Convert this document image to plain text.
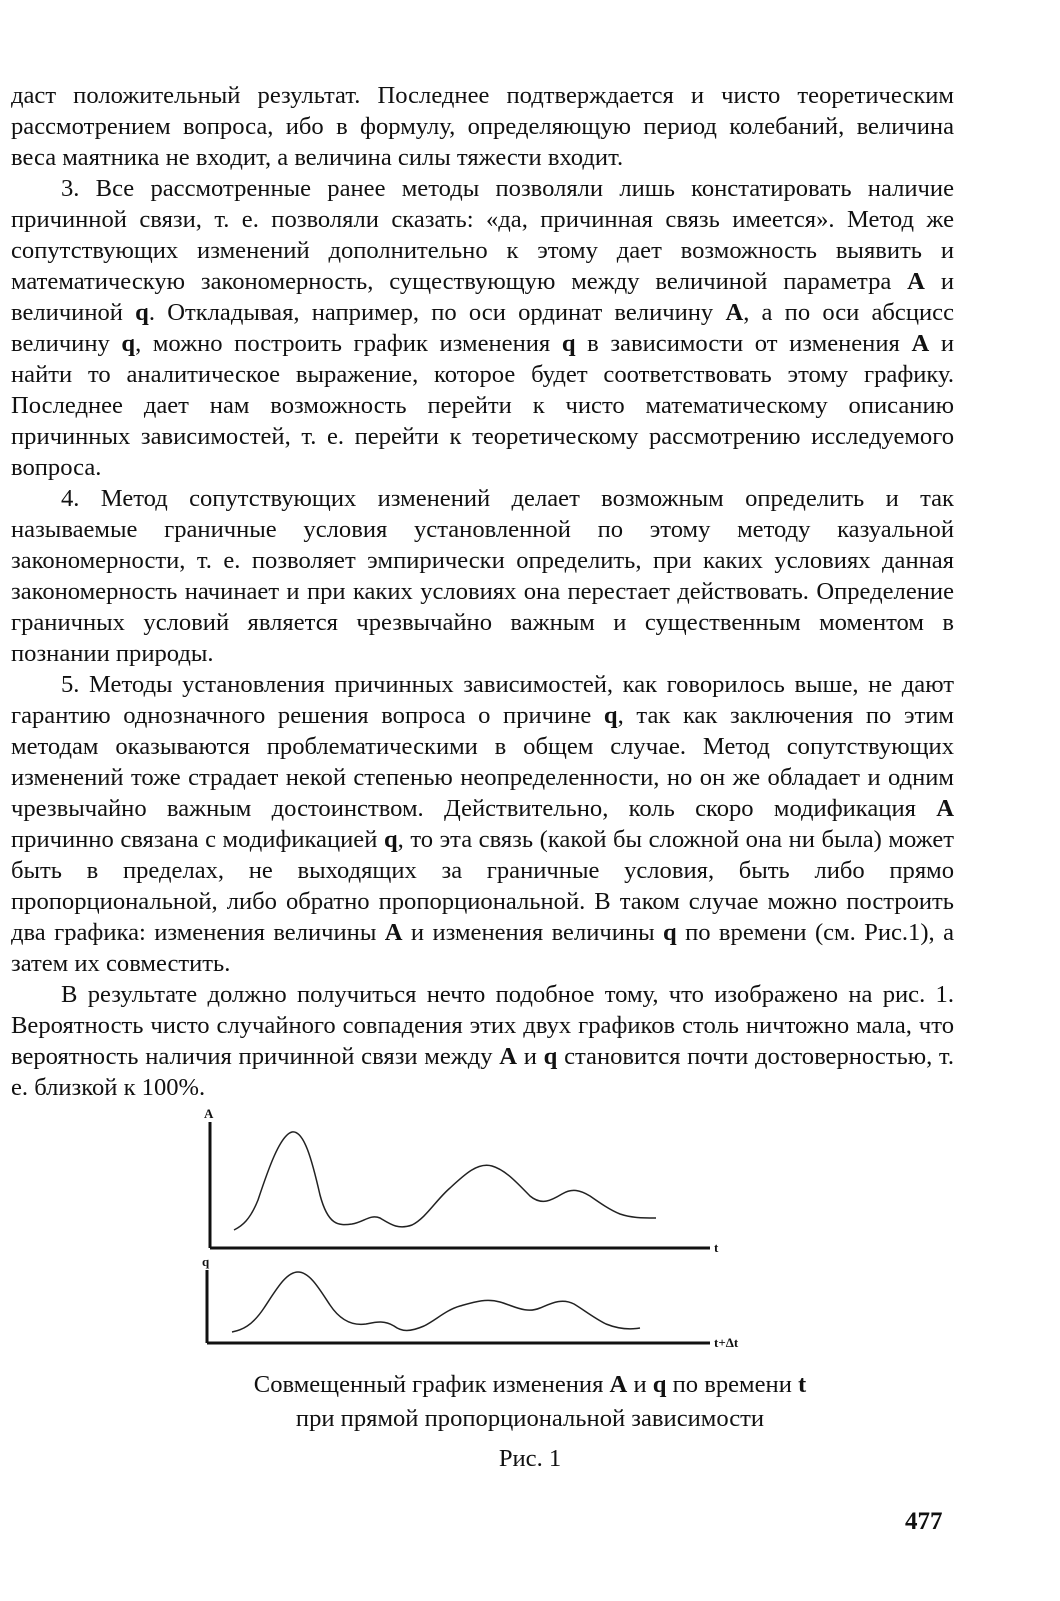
даст положительный результат. Последнее подтверждается и чисто теоретическим рассмотрением вопроса, ибо в формулу, определяющую период колебаний, величина веса маятника не входит, а величина силы тяжести входит.

3. Все рассмотренные ранее методы позволяли лишь констатировать наличие причинной связи, т. е. позволяли сказать: «да, причинная связь имеется». Метод же сопутствующих изменений дополнительно к этому дает возможность выявить и математическую закономерность, существующую между величиной параметра A и величиной q. Откладывая, например, по оси ординат величину A, а по оси абсцисс величину q, можно построить график изменения q в зависимости от изменения A и найти то аналитическое выражение, которое будет соответствовать этому графику. Последнее дает нам возможность перейти к чисто математическому описанию причинных зависимостей, т. е. перейти к теоретическому рассмотрению исследуемого вопроса.

4. Метод сопутствующих изменений делает возможным определить и так называемые граничные условия установленной по этому методу казуальной закономерности, т. е. позволяет эмпирически определить, при каких условиях данная закономерность начинает и при каких условиях она перестает действовать. Определение граничных условий является чрезвычайно важным и существенным моментом в познании природы.

5. Методы установления причинных зависимостей, как говорилось выше, не дают гарантию однозначного решения вопроса о причине q, так как заключения по этим методам оказываются проблематическими в общем случае. Метод сопутствующих изменений тоже страдает некой степенью неопределенности, но он же обладает и одним чрезвычайно важным достоинством. Действительно, коль скоро модификация A причинно связана с модификацией q, то эта связь (какой бы сложной она ни была) может быть в пределах, не выходящих за граничные условия, быть либо прямо пропорциональной, либо обратно пропорциональной. В таком случае можно построить два графика: изменения величины A и изменения величины q по времени (см. Рис.1), а затем их совместить.

В результате должно получиться нечто подобное тому, что изображено на рис. 1. Вероятность чисто случайного совпадения этих двух графиков столь ничтожно мала, что вероятность наличия причинной связи между A и q становится почти достоверностью, т. е. близкой к 100%.

A
t
q
t+Δt
Совмещенный график изменения A и q по времени t
при прямой пропорциональной зависимости
Рис. 1
477
